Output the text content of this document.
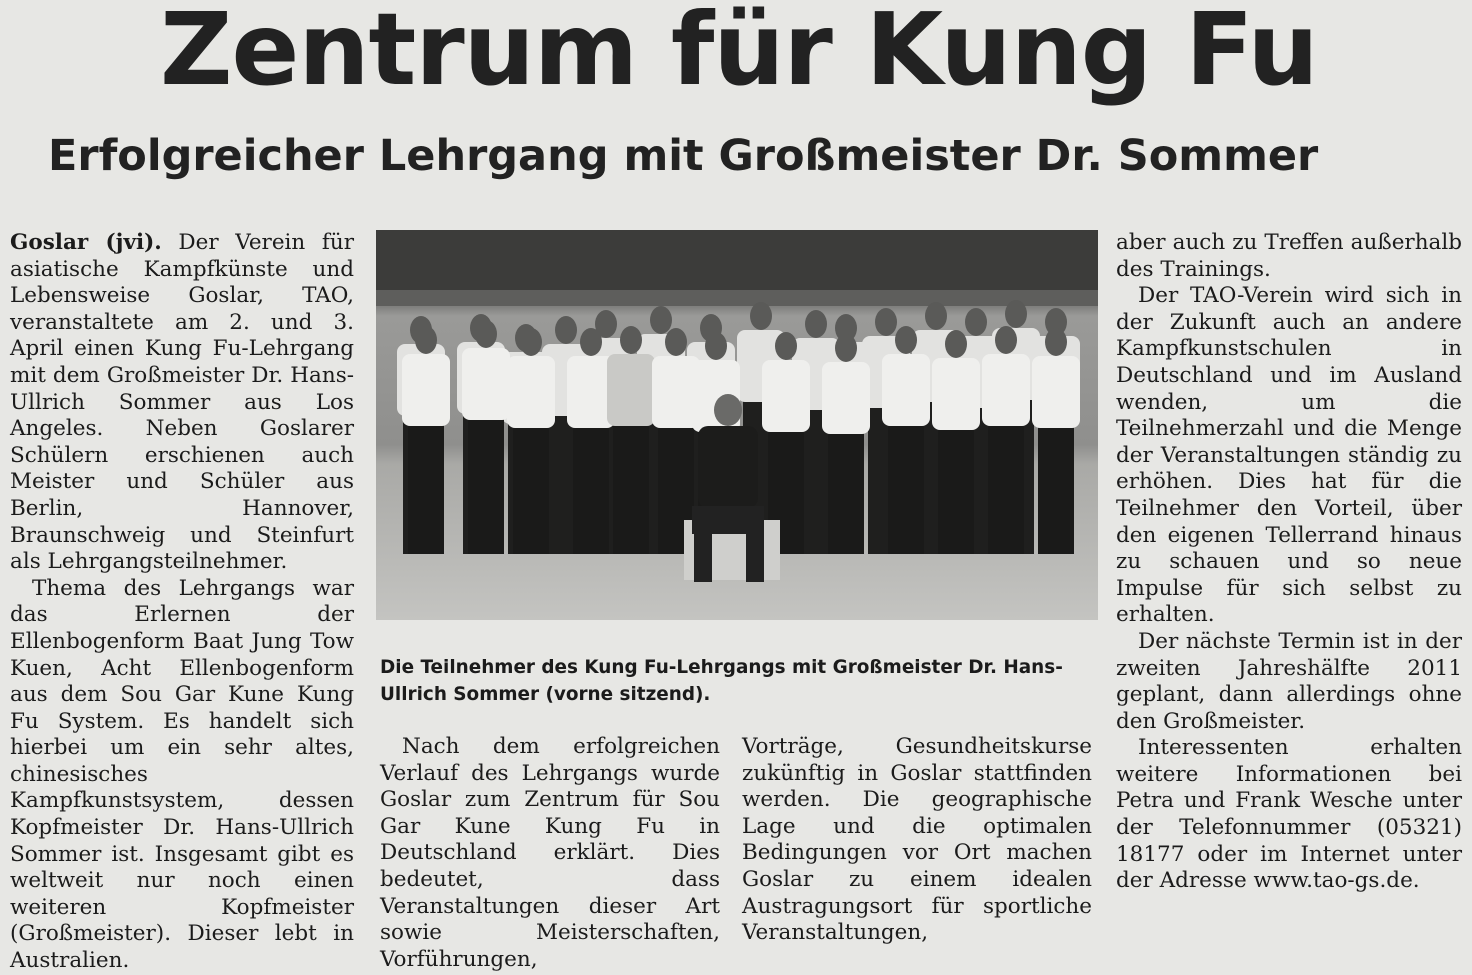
Zentrum für Kung Fu
Erfolgreicher Lehrgang mit Großmeister Dr. Sommer

Goslar (jvi). Der Verein für asiatische Kampfkünste und Lebensweise Goslar, TAO, veranstaltete am 2. und 3. April einen Kung Fu-Lehrgang mit dem Großmeister Dr. Hans-Ullrich Sommer aus Los Angeles. Neben Goslarer Schülern erschienen auch Meister und Schüler aus Berlin, Hannover, Braunschweig und Steinfurt als Lehrgangsteilnehmer.

Thema des Lehrgangs war das Erlernen der Ellenbogenform Baat Jung Tow Kuen, Acht Ellenbogenform aus dem Sou Gar Kune Kung Fu System. Es handelt sich hierbei um ein sehr altes, chinesisches Kampfkunstsystem, dessen Kopfmeister Dr. Hans-Ullrich Sommer ist. Insgesamt gibt es weltweit nur noch einen weiteren Kopfmeister (Großmeister). Dieser lebt in Australien.

Die Teilnehmer des Kung Fu-Lehrgangs mit Großmeister Dr. Hans-Ullrich Sommer (vorne sitzend).

Nach dem erfolgreichen Verlauf des Lehrgangs wurde Goslar zum Zentrum für Sou Gar Kune Kung Fu in Deutschland erklärt. Dies bedeutet, dass Veranstaltungen dieser Art sowie Meisterschaften, Vorführungen,

Vorträge, Gesundheitskurse zukünftig in Goslar stattfinden werden. Die geographische Lage und die optimalen Bedingungen vor Ort machen Goslar zu einem idealen Austragungsort für sportliche Veranstaltungen,

aber auch zu Treffen außerhalb des Trainings.

Der TAO-Verein wird sich in der Zukunft auch an andere Kampfkunstschulen in Deutschland und im Ausland wenden, um die Teilnehmerzahl und die Menge der Veranstaltungen ständig zu erhöhen. Dies hat für die Teilnehmer den Vorteil, über den eigenen Tellerrand hinaus zu schauen und so neue Impulse für sich selbst zu erhalten.

Der nächste Termin ist in der zweiten Jahreshälfte 2011 geplant, dann allerdings ohne den Großmeister.

Interessenten erhalten weitere Informationen bei Petra und Frank Wesche unter der Telefonnummer (05321) 18177 oder im Internet unter der Adresse www.tao-gs.de.
